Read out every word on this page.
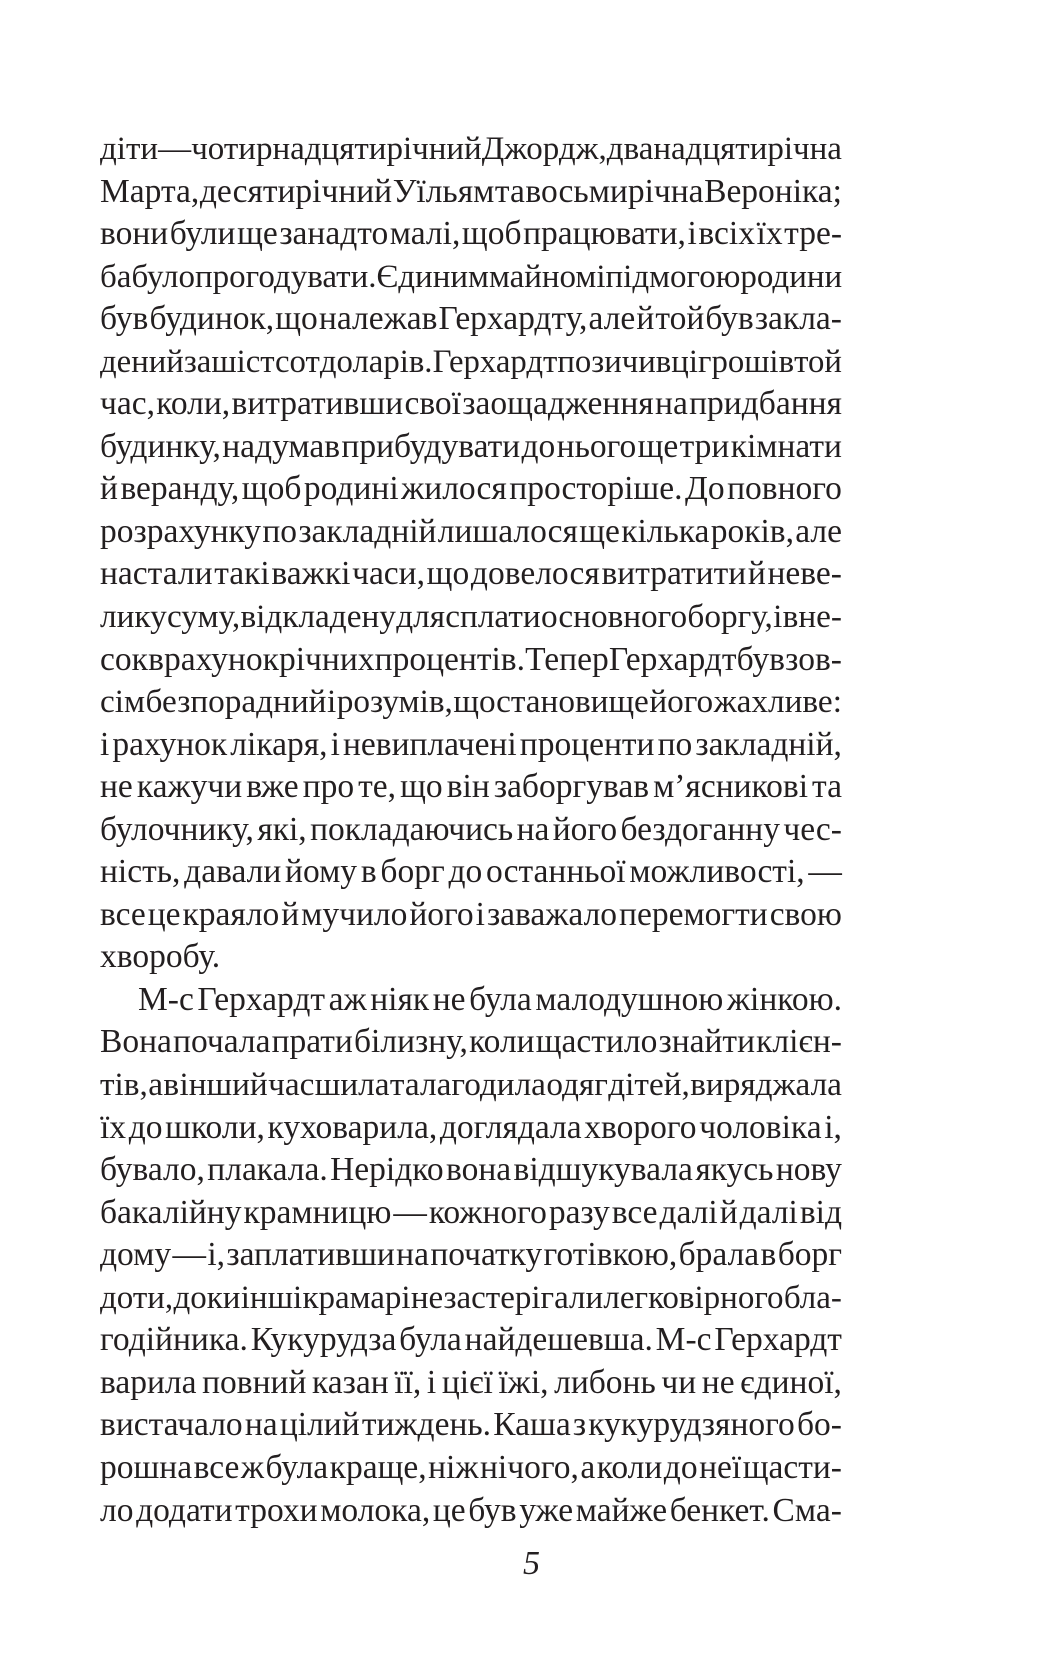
діти — чотирнадцятирічний Джордж, дванадцятирічна
Марта, десятирічний Уїльям та восьмирічна Вероніка;
вони були ще занадто малі, щоб працювати, і всіх їх тре-
ба було прогодувати. Єдиним майном і підмогою родини
був будинок, що належав Герхардту, але й той був заклa-
дений за шістсот доларів. Герхардт позичив ці гроші в той
час, коли, витративши свої заощадження на придбання
будинку, надумав прибудувати до нього ще три кімнати
й веранду, щоб родині жилося просторіше. До повного
розрахунку по закладній лишалося ще кілька років, але
настали такі важкі часи, що довелося витратити й неве-
лику суму, відкладену для сплати основного боргу, і вне-
сок в рахунок річних процентів. Тепер Герхардт був зов-
сім безпорадний і розумів, що становище його жахливе:
і рахунок лікаря, і невиплачені проценти по закладній,
не кажучи вже про те, що він заборгував м’ясникові та
булочнику, які, покладаючись на його бездоганну чес-
ність, давали йому в борг до останньої можливості, —
все це краяло й мучило його і заважало перемогти свою
хворобу.
М-с Герхардт аж ніяк не була малодушною жінкою.
Вона почала прати білизну, коли щастило знайти клієн-
тів, а в інший час шила та лагодила одяг дітей, виряджала
їх до школи, куховарила, доглядала хворого чоловіка і,
бувало, плакала. Нерідко вона відшукувала якусь нову
бакалійну крамницю — кожного разу все далі й далі від
дому — і, заплативши на початку готівкою, брала в борг
доти, доки інші крамарі не застерігали легковірного бла-
годійника. Кукурудза була найдешевша. М-с Герхардт
варила повний казан її, і цієї їжі, либонь чи не єдиної,
вистачало на цілий тиждень. Каша з кукурудзяного бо-
рошна все ж була краще, ніж нічого, а коли до неї щасти-
ло додати трохи молока, це був уже майже бенкет. Сма-
5
